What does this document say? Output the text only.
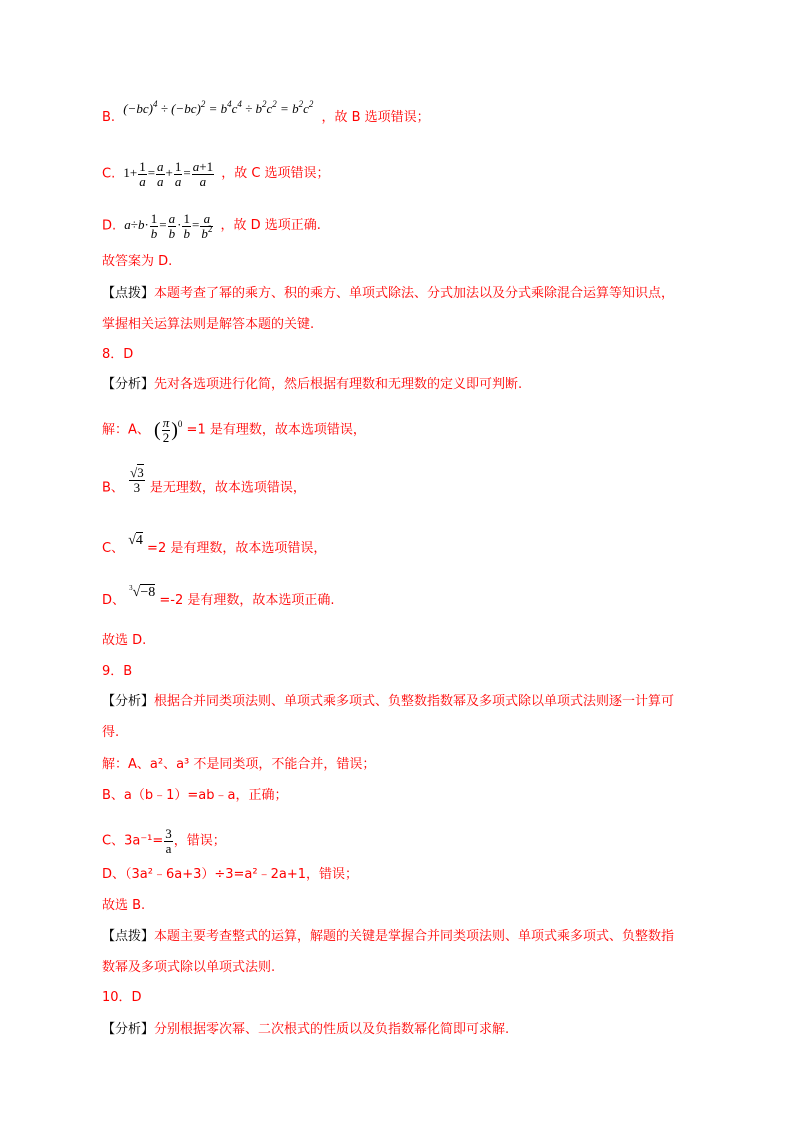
B. $(-bc)^4 \div (-bc)^2 = b^4c^4 \div b^2c^2 = b^2c^2$ ，故 B 选项错误；
C. $1+ \frac{1}{a} = \frac{a}{a} + \frac{1}{a} = \frac{a+1}{a}$ ，故 C 选项错误；
D. $a\div b\cdot \frac{1}{b} = \frac{a}{b} \cdot \frac{1}{b} = \frac{a}{b^2}$ ，故 D 选项正确.
故答案为 D.
【点拨】本题考查了幂的乘方、积的乘方、单项式除法、分式加法以及分式乘除混合运算等知识点，
掌握相关运算法则是解答本题的关键.
8．D
【分析】先对各选项进行化简，然后根据有理数和无理数的定义即可判断.
解：A、 ( $\frac{\pi}{2} )^0 =1$ 是有理数，故本选项错误，
B、 $\frac{√3}{3}$ 是无理数，故本选项错误，
C、 √4 =2 是有理数，故本选项错误，
D、 $^3$√−8 =-2 是有理数，故本选项正确.
故选 D.
9．B
【分析】根据合并同类项法则、单项式乘多项式、负整数指数幂及多项式除以单项式法则逐一计算可
得.
解：A、a²、a³ 不是同类项，不能合并，错误；
B、a（b﹣1）=ab﹣a，正确；
C、$3a^{-1}= \frac{3}{a}$ ，错误；
D、（3a²﹣6a+3）÷3=a²﹣2a+1，错误；
故选 B.
【点拨】本题主要考查整式的运算，解题的关键是掌握合并同类项法则、单项式乘多项式、负整数指
数幂及多项式除以单项式法则.
10．D
【分析】分别根据零次幂、二次根式的性质以及负指数幂化简即可求解.
